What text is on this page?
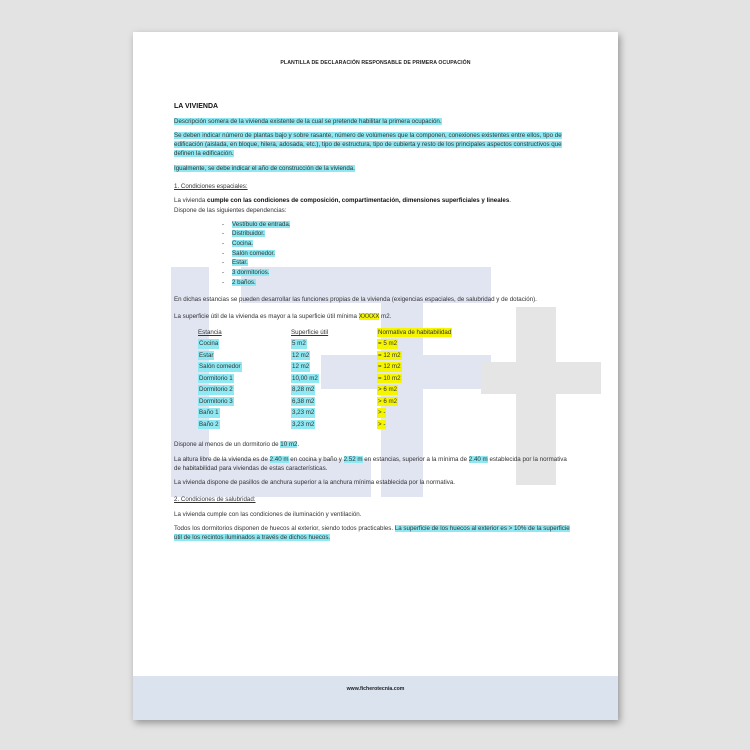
PLANTILLA DE DECLARACIÓN RESPONSABLE DE PRIMERA OCUPACIÓN
LA VIVIENDA

Descripción somera de la vivienda existente de la cual se pretende habilitar la primera ocupación.

Se deben indicar número de plantas bajo y sobre rasante, número de volúmenes que la componen, conexiones existentes entre ellos, tipo de edificación (aislada, en bloque, hilera, adosada, etc.), tipo de estructura, tipo de cubierta y resto de los principales aspectos constructivos que definen la edificación.

Igualmente, se debe indicar el año de construcción de la vivienda.

1. Condiciones espaciales:

La vivienda cumple con las condiciones de composición, compartimentación, dimensiones superficiales y lineales.

Dispone de las siguientes dependencias:

- Vestíbulo de entrada.
- Distribuidor.
- Cocina.
- Salón comedor.
- Estar.
- 3 dormitorios.
- 2 baños.

En dichas estancias se pueden desarrollar las funciones propias de la vivienda (exigencias espaciales, de salubridad y de dotación).

La superficie útil de la vivienda es mayor a la superficie útil mínima XXXXX m2.

Estancia	Superficie útil	Normativa de habitabilidad
Cocina	5 m2	= 5 m2
Estar	12 m2	= 12 m2
Salón comedor	12 m2	= 12 m2
Dormitorio 1	10,00 m2	= 10 m2
Dormitorio 2	8,28 m2	> 6 m2
Dormitorio 3	6,38 m2	> 6 m2
Baño 1	3,23 m2	> -
Baño 2	3,23 m2	> -

Dispone al menos de un dormitorio de 10 m2.

La altura libre de la vivienda es de 2.40 m en cocina y baño y 2.52 m en estancias, superior a la mínima de 2.40 m establecida por la normativa de habitabilidad para viviendas de estas características.

La vivienda dispone de pasillos de anchura superior a la anchura mínima establecida por la normativa.

2. Condiciones de salubridad:

La vivienda cumple con las condiciones de iluminación y ventilación.

Todos los dormitorios disponen de huecos al exterior, siendo todos practicables. La superficie de los huecos al exterior es > 10% de la superficie útil de los recintos iluminados a través de dichos huecos.

www.ficherotecnia.com
